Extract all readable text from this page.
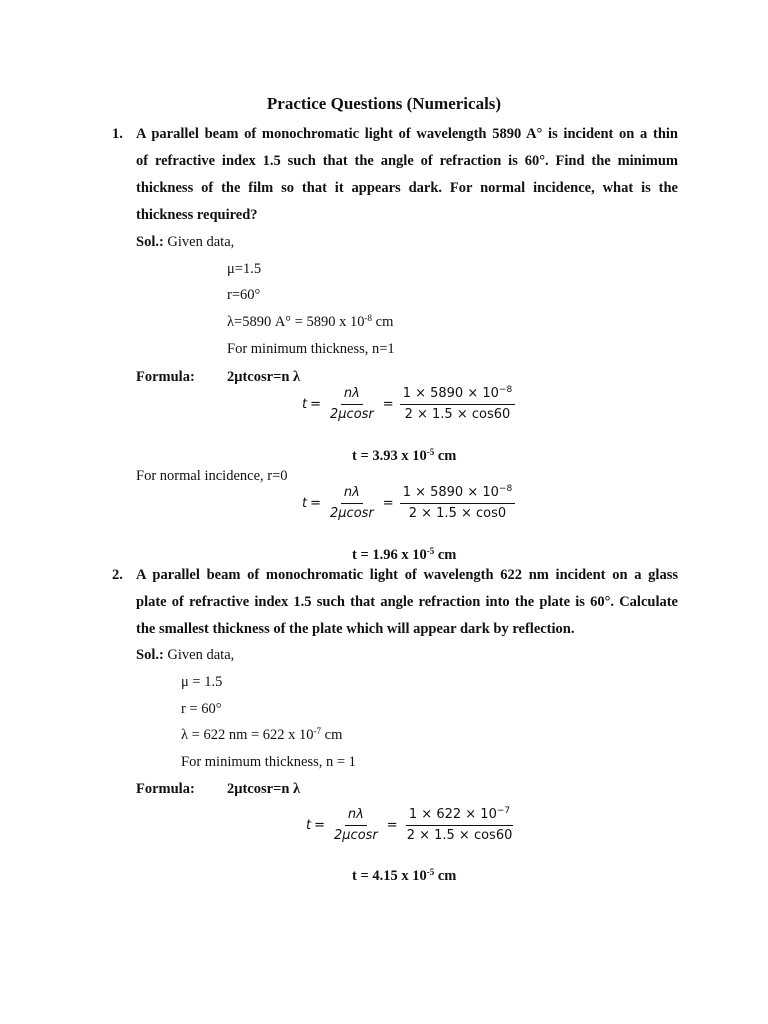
Practice Questions (Numericals)
1. A parallel beam of monochromatic light of wavelength 5890 A° is incident on a thin
of refractive index 1.5 such that the angle of refraction is 60°. Find the minimum
thickness of the film so that it appears dark. For normal incidence, what is the
thickness required?
Sol.: Given data,
μ=1.5
r=60°
λ=5890 A° = 5890 x $10^{-8}$ cm
For minimum thickness, n=1
Formula: 2μtcosr=n λ
$t = \frac{n\lambda}{2\mu\cos r} = \frac{1 \times 5890 \times 10^{-8}}{2 \times 1.5 \times \cos 60}$
t = 3.93 x $10^{-5}$ cm
For normal incidence, r=0
$t = \frac{n\lambda}{2\mu\cos r} = \frac{1 \times 5890 \times 10^{-8}}{2 \times 1.5 \times \cos 0}$
t = 1.96 x $10^{-5}$ cm
2. A parallel beam of monochromatic light of wavelength 622 nm incident on a glass
plate of refractive index 1.5 such that angle refraction into the plate is 60°. Calculate
the smallest thickness of the plate which will appear dark by reflection.
Sol.: Given data,
μ = 1.5
r = 60°
λ = 622 nm = 622 x $10^{-7}$ cm
For minimum thickness, n = 1
Formula: 2μtcosr=n λ
$t = \frac{n\lambda}{2\mu\cos r} = \frac{1 \times 622 \times 10^{-7}}{2 \times 1.5 \times \cos 60}$
t = 4.15 x $10^{-5}$ cm
